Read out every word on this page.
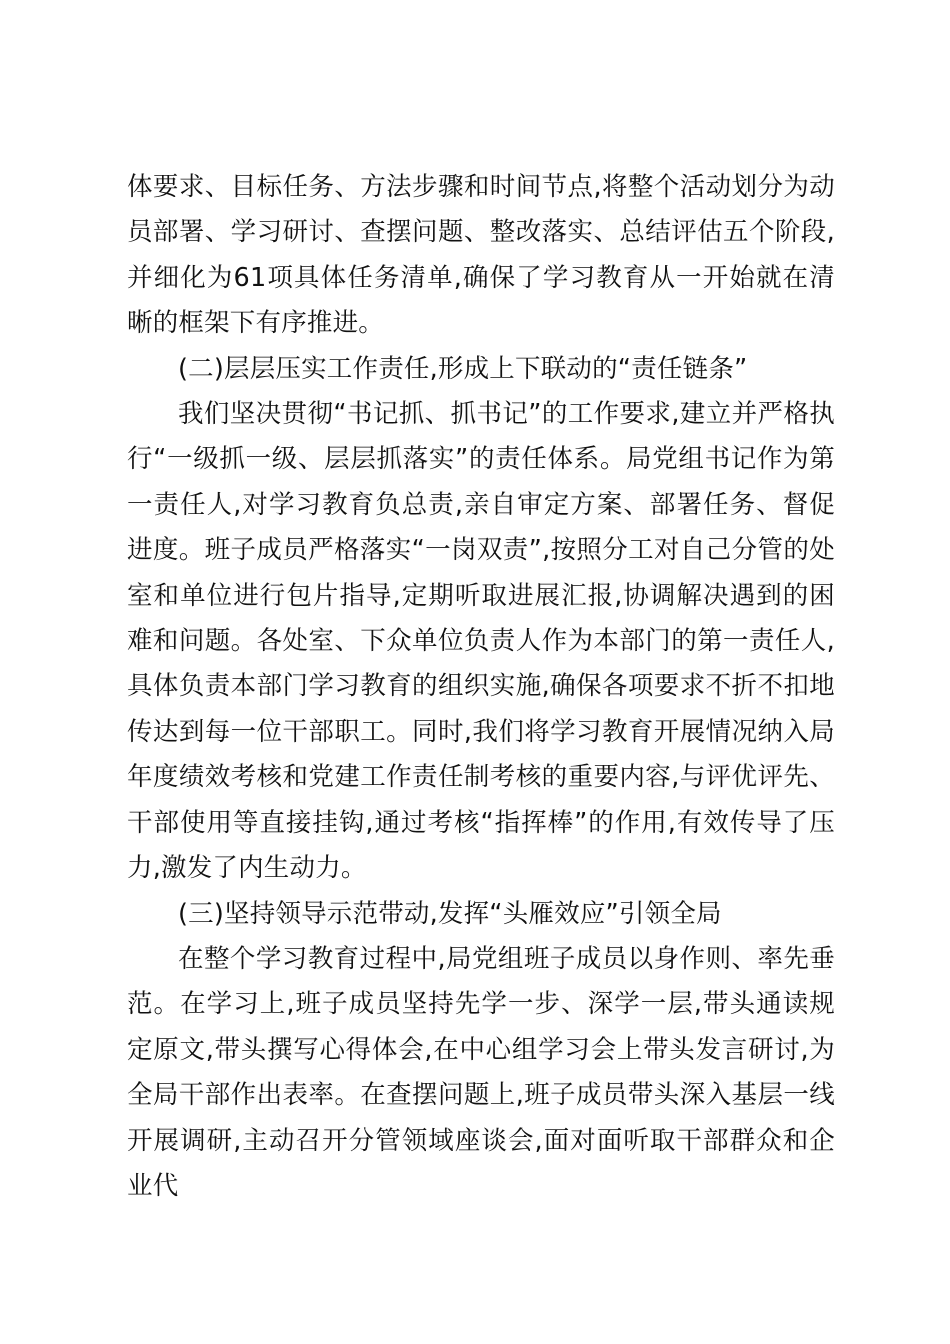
体要求、目标任务、方法步骤和时间节点,将整个活动划分为动员部署、学习研讨、查摆问题、整改落实、总结评估五个阶段,并细化为61项具体任务清单,确保了学习教育从一开始就在清晰的框架下有序推进。

(二)层层压实工作责任,形成上下联动的“责任链条”

我们坚决贯彻“书记抓、抓书记”的工作要求,建立并严格执行“一级抓一级、层层抓落实”的责任体系。局党组书记作为第一责任人,对学习教育负总责,亲自审定方案、部署任务、督促进度。班子成员严格落实“一岗双责”,按照分工对自己分管的处室和单位进行包片指导,定期听取进展汇报,协调解决遇到的困难和问题。各处室、下众单位负责人作为本部门的第一责任人,具体负责本部门学习教育的组织实施,确保各项要求不折不扣地传达到每一位干部职工。同时,我们将学习教育开展情况纳入局年度绩效考核和党建工作责任制考核的重要内容,与评优评先、干部使用等直接挂钩,通过考核“指挥棒”的作用,有效传导了压力,激发了内生动力。

(三)坚持领导示范带动,发挥“头雁效应”引领全局

在整个学习教育过程中,局党组班子成员以身作则、率先垂范。在学习上,班子成员坚持先学一步、深学一层,带头通读规定原文,带头撰写心得体会,在中心组学习会上带头发言研讨,为全局干部作出表率。在查摆问题上,班子成员带头深入基层一线开展调研,主动召开分管领域座谈会,面对面听取干部群众和企业代
